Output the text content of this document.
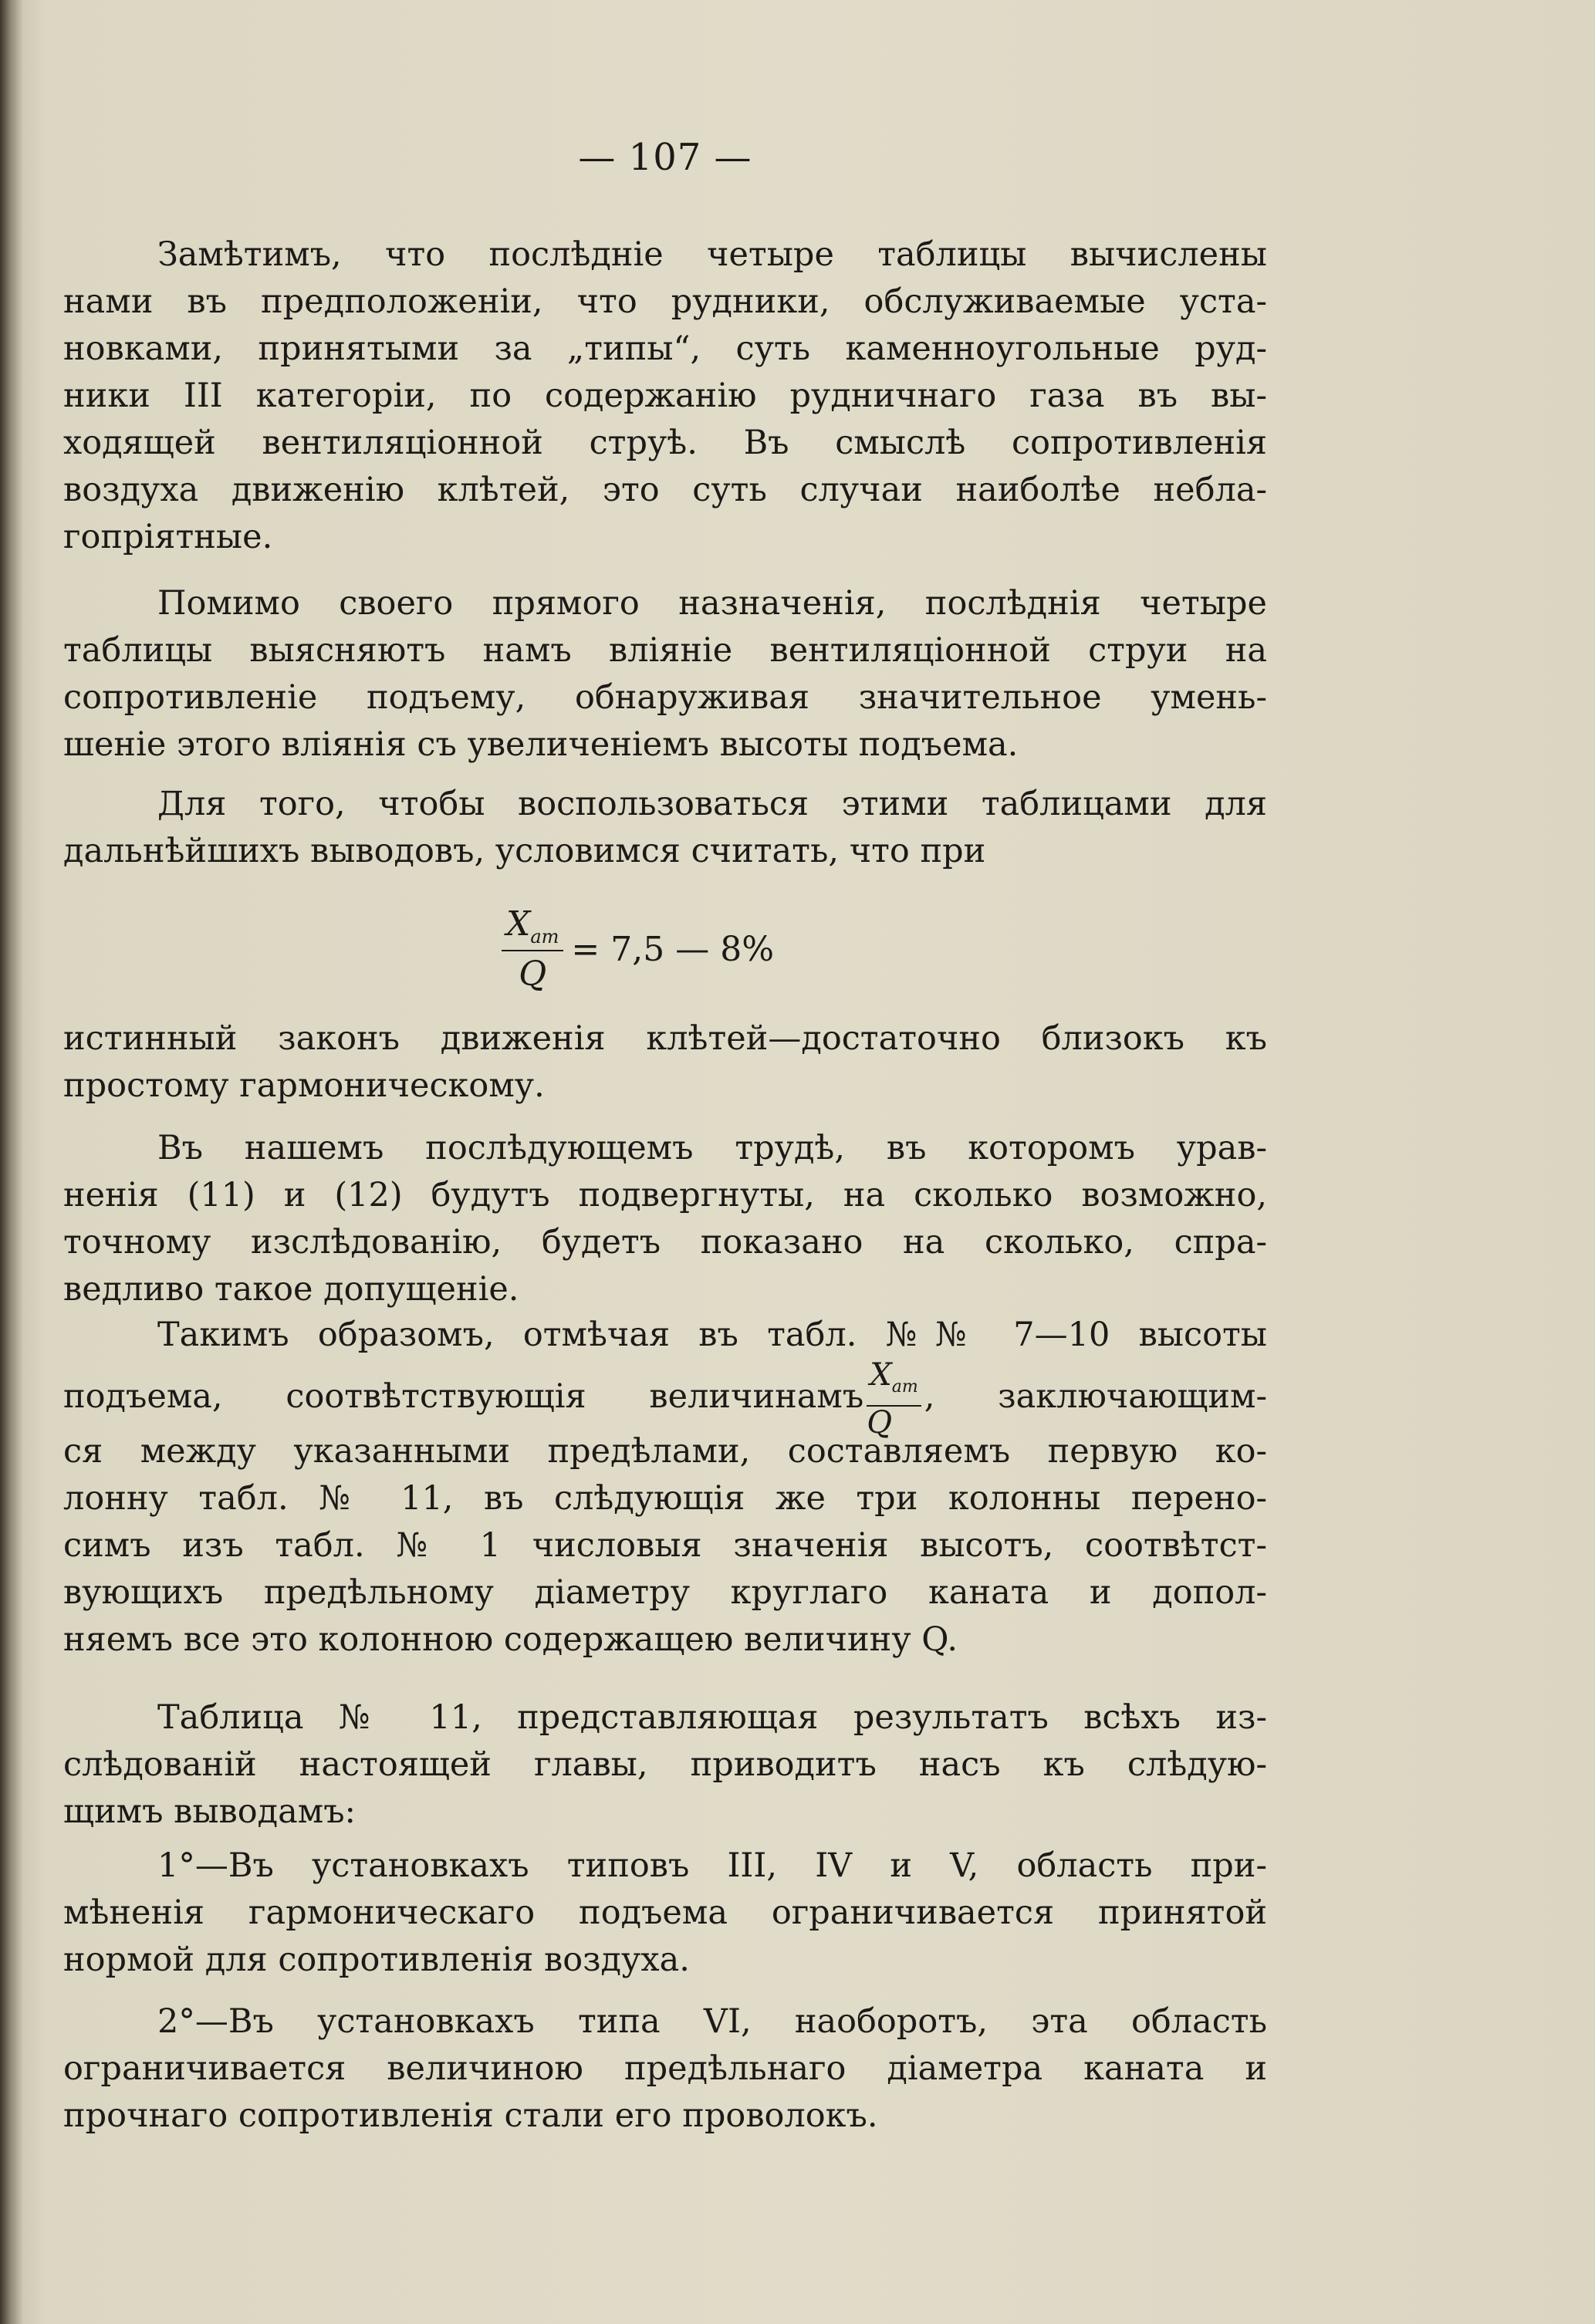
— 107 —
Замѣтимъ, что послѣдніе четыре таблицы вычислены
нами въ предположеніи, что рудники, обслуживаемые уста-
новками, принятыми за „типы“, суть каменноугольные руд-
ники III категоріи, по содержанію рудничнаго газа въ вы-
ходящей вентиляціонной струѣ. Въ смыслѣ сопротивленія
воздуха движенію клѣтей, это суть случаи наиболѣе небла-
гопріятные.
Помимо своего прямого назначенія, послѣднія четыре
таблицы выясняютъ намъ вліяніе вентиляціонной струи на
сопротивленіе подъему, обнаруживая значительное умень-
шеніе этого вліянія съ увеличеніемъ высоты подъема.
Для того, чтобы воспользоваться этими таблицами для
дальнѣйшихъ выводовъ, условимся считать, что при
$\frac{X_{am}}{Q} = 7,5$ — 8%
истинный законъ движенія клѣтей—достаточно близокъ къ
простому гармоническому.
Въ нашемъ послѣдующемъ трудѣ, въ которомъ урав-
ненія (11) и (12) будутъ подвергнуты, на сколько возможно,
точному изслѣдованію, будетъ показано на сколько, спра-
ведливо такое допущеніе.
Такимъ образомъ, отмѣчая въ табл. №№ 7—10 высоты
подъема, соотвѣтствующія величинамъ $\frac{X_{am}}{Q}$ , заключающим-
ся между указанными предѣлами, составляемъ первую ко-
лонну табл. № 11, въ слѣдующія же три колонны перено-
симъ изъ табл. № 1 числовыя значенія высотъ, соотвѣтст-
вующихъ предѣльному діаметру круглаго каната и допол-
няемъ все это колонною содержащею величину Q.
Таблица № 11, представляющая результатъ всѣхъ из-
слѣдованій настоящей главы, приводитъ насъ къ слѣдую-
щимъ выводамъ:
1°—Въ установкахъ типовъ III, IV и V, область при-
мѣненія гармоническаго подъема ограничивается принятой
нормой для сопротивленія воздуха.
2°—Въ установкахъ типа VI, наоборотъ, эта область
ограничивается величиною предѣльнаго діаметра каната и
прочнаго сопротивленія стали его проволокъ.
